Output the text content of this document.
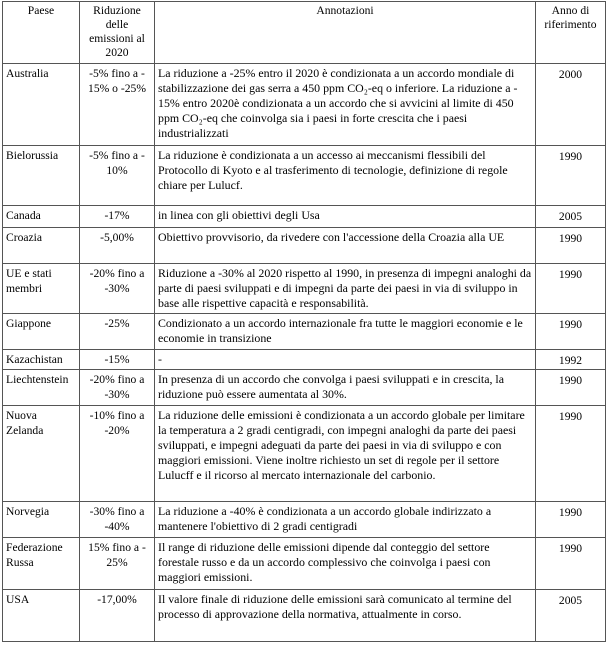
Paese	Riduzione delle emissioni al 2020	Annotazioni	Anno di riferimento
Australia	-5% fino a - 15% o -25%	La riduzione a -25% entro il 2020 è condizionata a un accordo mondiale di stabilizzazione dei gas serra a 450 ppm CO₂-eq o inferiore. La riduzione a - 15% entro 2020è condizionata a un accordo che si avvicini al limite di 450 ppm CO₂-eq che coinvolga sia i paesi in forte crescita che i paesi industrializzati	2000
Bielorussia	-5% fino a - 10%	La riduzione è condizionata a un accesso ai meccanismi flessibili del Protocollo di Kyoto e al trasferimento di tecnologie, definizione di regole chiare per Lulucf.	1990
Canada	-17%	in linea con gli obiettivi degli Usa	2005
Croazia	-5,00%	Obiettivo provvisorio, da rivedere con l'accessione della Croazia alla UE	1990
UE e stati membri	-20% fino a -30%	Riduzione a -30% al 2020 rispetto al 1990, in presenza di impegni analoghi da parte di paesi sviluppati e di impegni da parte dei paesi in via di sviluppo in base alle rispettive capacità e responsabilità.	1990
Giappone	-25%	Condizionato a un accordo internazionale fra tutte le maggiori economie e le economie in transizione	1990
Kazachistan	-15%	-	1992
Liechtenstein	-20% fino a -30%	In presenza di un accordo che convolga i paesi sviluppati e in crescita, la riduzione può essere aumentata al 30%.	1990
Nuova Zelanda	-10% fino a -20%	La riduzione delle emissioni è condizionata a un accordo globale per limitare la temperatura a 2 gradi centigradi, con impegni analoghi da parte dei paesi sviluppati, e impegni adeguati da parte dei paesi in via di sviluppo e con maggiori emissioni. Viene inoltre richiesto un set di regole per il settore Lulucff e il ricorso al mercato internazionale del carbonio.	1990
Norvegia	-30% fino a -40%	La riduzione a -40% è condizionata a un accordo globale indirizzato a mantenere l'obiettivo di 2 gradi centigradi	1990
Federazione Russa	15% fino a - 25%	Il range di riduzione delle emissioni dipende dal conteggio del settore forestale russo e da un accordo complessivo che coinvolga i paesi con maggiori emissioni.	1990
USA	-17,00%	Il valore finale di riduzione delle emissioni sarà comunicato al termine del processo di approvazione della normativa, attualmente in corso.	2005
